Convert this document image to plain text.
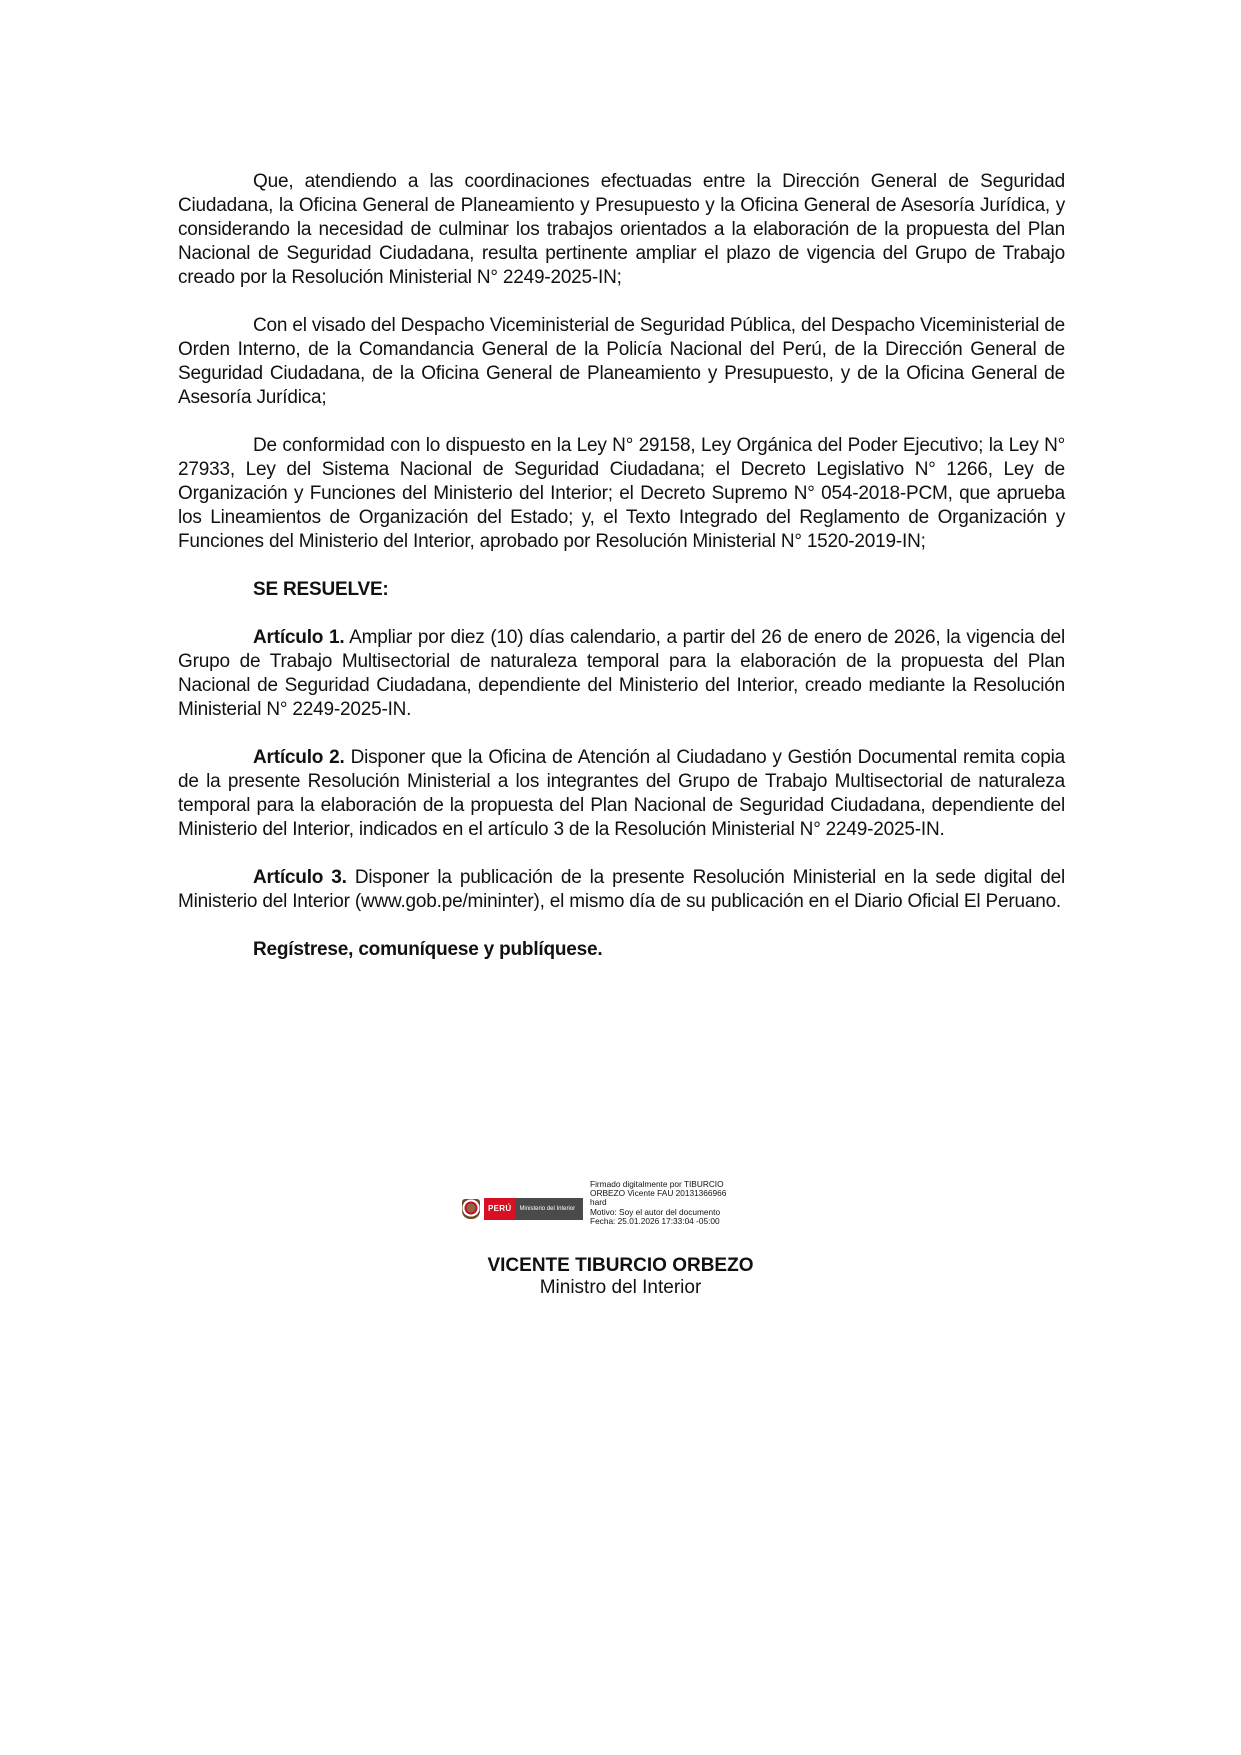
Que, atendiendo a las coordinaciones efectuadas entre la Dirección General de Seguridad Ciudadana, la Oficina General de Planeamiento y Presupuesto y la Oficina General de Asesoría Jurídica, y considerando la necesidad de culminar los trabajos orientados a la elaboración de la propuesta del Plan Nacional de Seguridad Ciudadana, resulta pertinente ampliar el plazo de vigencia del Grupo de Trabajo creado por la Resolución Ministerial N° 2249-2025-IN;

Con el visado del Despacho Viceministerial de Seguridad Pública, del Despacho Viceministerial de Orden Interno, de la Comandancia General de la Policía Nacional del Perú, de la Dirección General de Seguridad Ciudadana, de la Oficina General de Planeamiento y Presupuesto, y de la Oficina General de Asesoría Jurídica;

De conformidad con lo dispuesto en la Ley N° 29158, Ley Orgánica del Poder Ejecutivo; la Ley N° 27933, Ley del Sistema Nacional de Seguridad Ciudadana; el Decreto Legislativo N° 1266, Ley de Organización y Funciones del Ministerio del Interior; el Decreto Supremo N° 054-2018-PCM, que aprueba los Lineamientos de Organización del Estado; y, el Texto Integrado del Reglamento de Organización y Funciones del Ministerio del Interior, aprobado por Resolución Ministerial N° 1520-2019-IN;

SE RESUELVE:

Artículo 1. Ampliar por diez (10) días calendario, a partir del 26 de enero de 2026, la vigencia del Grupo de Trabajo Multisectorial de naturaleza temporal para la elaboración de la propuesta del Plan Nacional de Seguridad Ciudadana, dependiente del Ministerio del Interior, creado mediante la Resolución Ministerial N° 2249-2025-IN.

Artículo 2. Disponer que la Oficina de Atención al Ciudadano y Gestión Documental remita copia de la presente Resolución Ministerial a los integrantes del Grupo de Trabajo Multisectorial de naturaleza temporal para la elaboración de la propuesta del Plan Nacional de Seguridad Ciudadana, dependiente del Ministerio del Interior, indicados en el artículo 3 de la Resolución Ministerial N° 2249-2025-IN.

Artículo 3. Disponer la publicación de la presente Resolución Ministerial en la sede digital del Ministerio del Interior (www.gob.pe/mininter), el mismo día de su publicación en el Diario Oficial El Peruano.

Regístrese, comuníquese y publíquese.

PERÚ	Ministerio del Interior
Firmado digitalmente por TIBURCIO
ORBEZO Vicente FAU 20131366966
hard
Motivo: Soy el autor del documento
Fecha: 25.01.2026 17:33:04 -05:00
VICENTE TIBURCIO ORBEZO
Ministro del Interior
